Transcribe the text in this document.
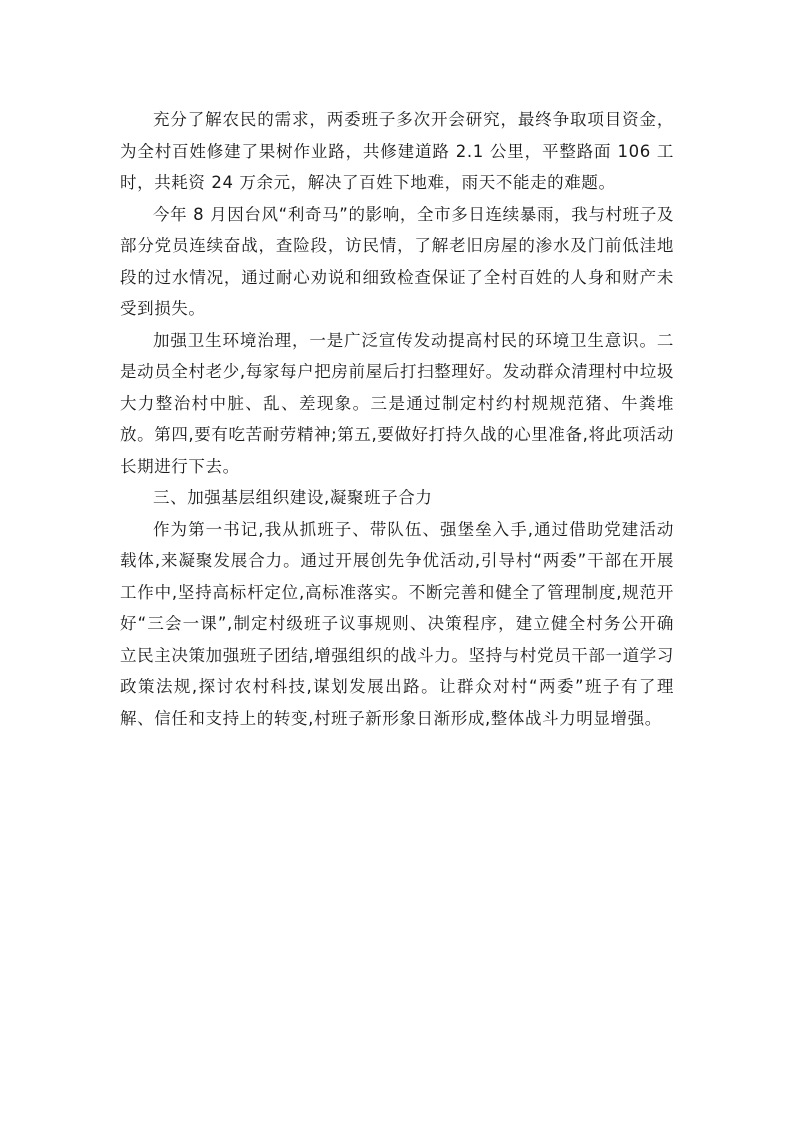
充分了解农民的需求，两委班子多次开会研究，最终争取项目资金，为全村百姓修建了果树作业路，共修建道路 2.1 公里，平整路面 106 工时，共耗资 24 万余元，解决了百姓下地难，雨天不能走的难题。

今年 8 月因台风“利奇马”的影响，全市多日连续暴雨，我与村班子及部分党员连续奋战，查险段，访民情，了解老旧房屋的渗水及门前低洼地段的过水情况，通过耐心劝说和细致检查保证了全村百姓的人身和财产未受到损失。

加强卫生环境治理，一是广泛宣传发动提高村民的环境卫生意识。二是动员全村老少,每家每户把房前屋后打扫整理好。发动群众清理村中垃圾大力整治村中脏、乱、差现象。三是通过制定村约村规规范猪、牛粪堆放。第四,要有吃苦耐劳精神;第五,要做好打持久战的心里准备,将此项活动长期进行下去。

三、加强基层组织建设,凝聚班子合力

作为第一书记,我从抓班子、带队伍、强堡垒入手,通过借助党建活动载体,来凝聚发展合力。通过开展创先争优活动,引导村“两委”干部在开展工作中,坚持高标杆定位,高标准落实。不断完善和健全了管理制度,规范开好“三会一课”,制定村级班子议事规则、决策程序，建立健全村务公开确立民主决策加强班子团结,增强组织的战斗力。坚持与村党员干部一道学习政策法规,探讨农村科技,谋划发展出路。让群众对村“两委”班子有了理解、信任和支持上的转变,村班子新形象日渐形成,整体战斗力明显增强。
